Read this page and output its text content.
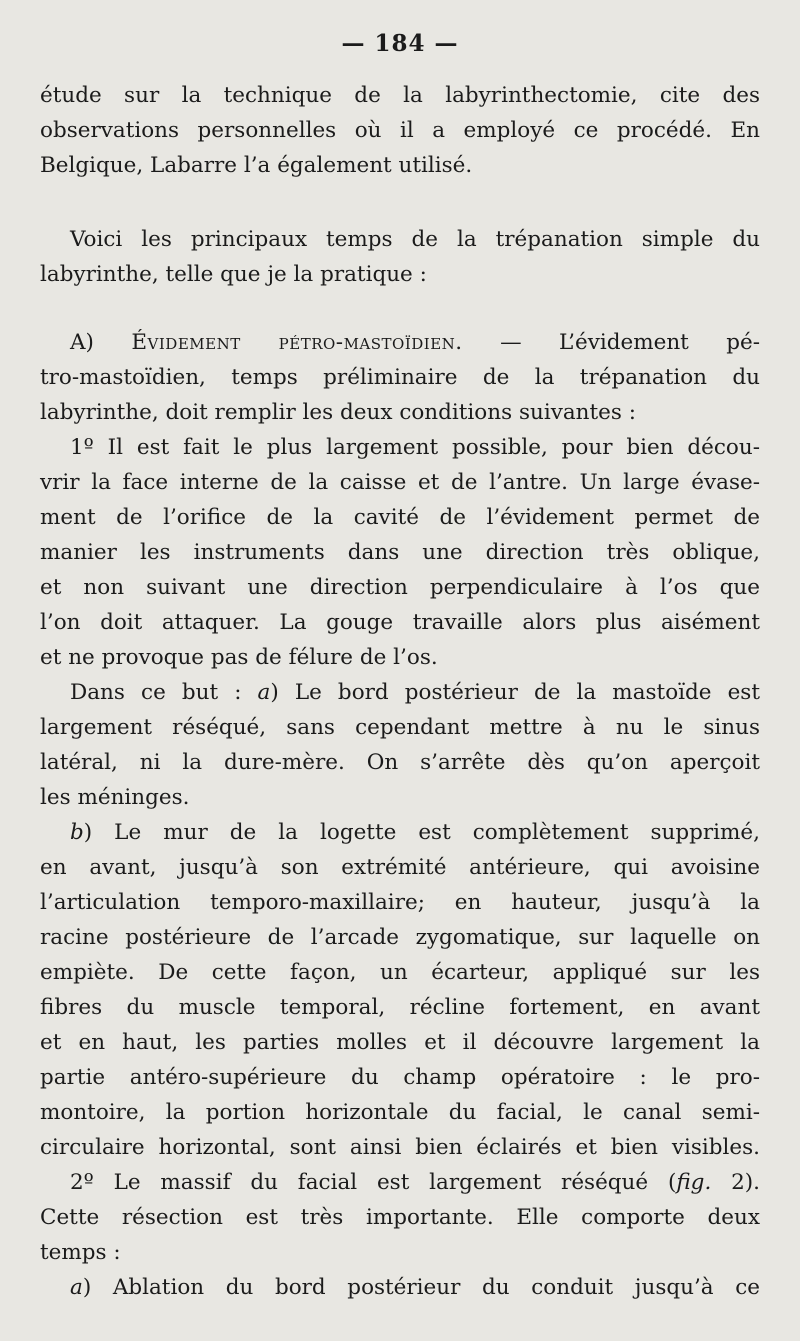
— 184 —
étude sur la technique de la labyrinthectomie, cite des
observations personnelles où il a employé ce procédé. En
Belgique, Labarre l’a également utilisé.
Voici les principaux temps de la trépanation simple du
labyrinthe, telle que je la pratique :
A) Évidement pétro-mastoïdien. — L’évidement pé-
tro-mastoïdien, temps préliminaire de la trépanation du
labyrinthe, doit remplir les deux conditions suivantes :
1º Il est fait le plus largement possible, pour bien décou-
vrir la face interne de la caisse et de l’antre. Un large évase-
ment de l’orifice de la cavité de l’évidement permet de
manier les instruments dans une direction très oblique,
et non suivant une direction perpendiculaire à l’os que
l’on doit attaquer. La gouge travaille alors plus aisément
et ne provoque pas de félure de l’os.
Dans ce but : a) Le bord postérieur de la mastoïde est
largement réséqué, sans cependant mettre à nu le sinus
latéral, ni la dure-mère. On s’arrête dès qu’on aperçoit
les méninges.
b) Le mur de la logette est complètement supprimé,
en avant, jusqu’à son extrémité antérieure, qui avoisine
l’articulation temporo-maxillaire; en hauteur, jusqu’à la
racine postérieure de l’arcade zygomatique, sur laquelle on
empiète. De cette façon, un écarteur, appliqué sur les
fibres du muscle temporal, récline fortement, en avant
et en haut, les parties molles et il découvre largement la
partie antéro-supérieure du champ opératoire : le pro-
montoire, la portion horizontale du facial, le canal semi-
circulaire horizontal, sont ainsi bien éclairés et bien visibles.
2º Le massif du facial est largement réséqué (fig. 2).
Cette résection est très importante. Elle comporte deux
temps :
a) Ablation du bord postérieur du conduit jusqu’à ce
